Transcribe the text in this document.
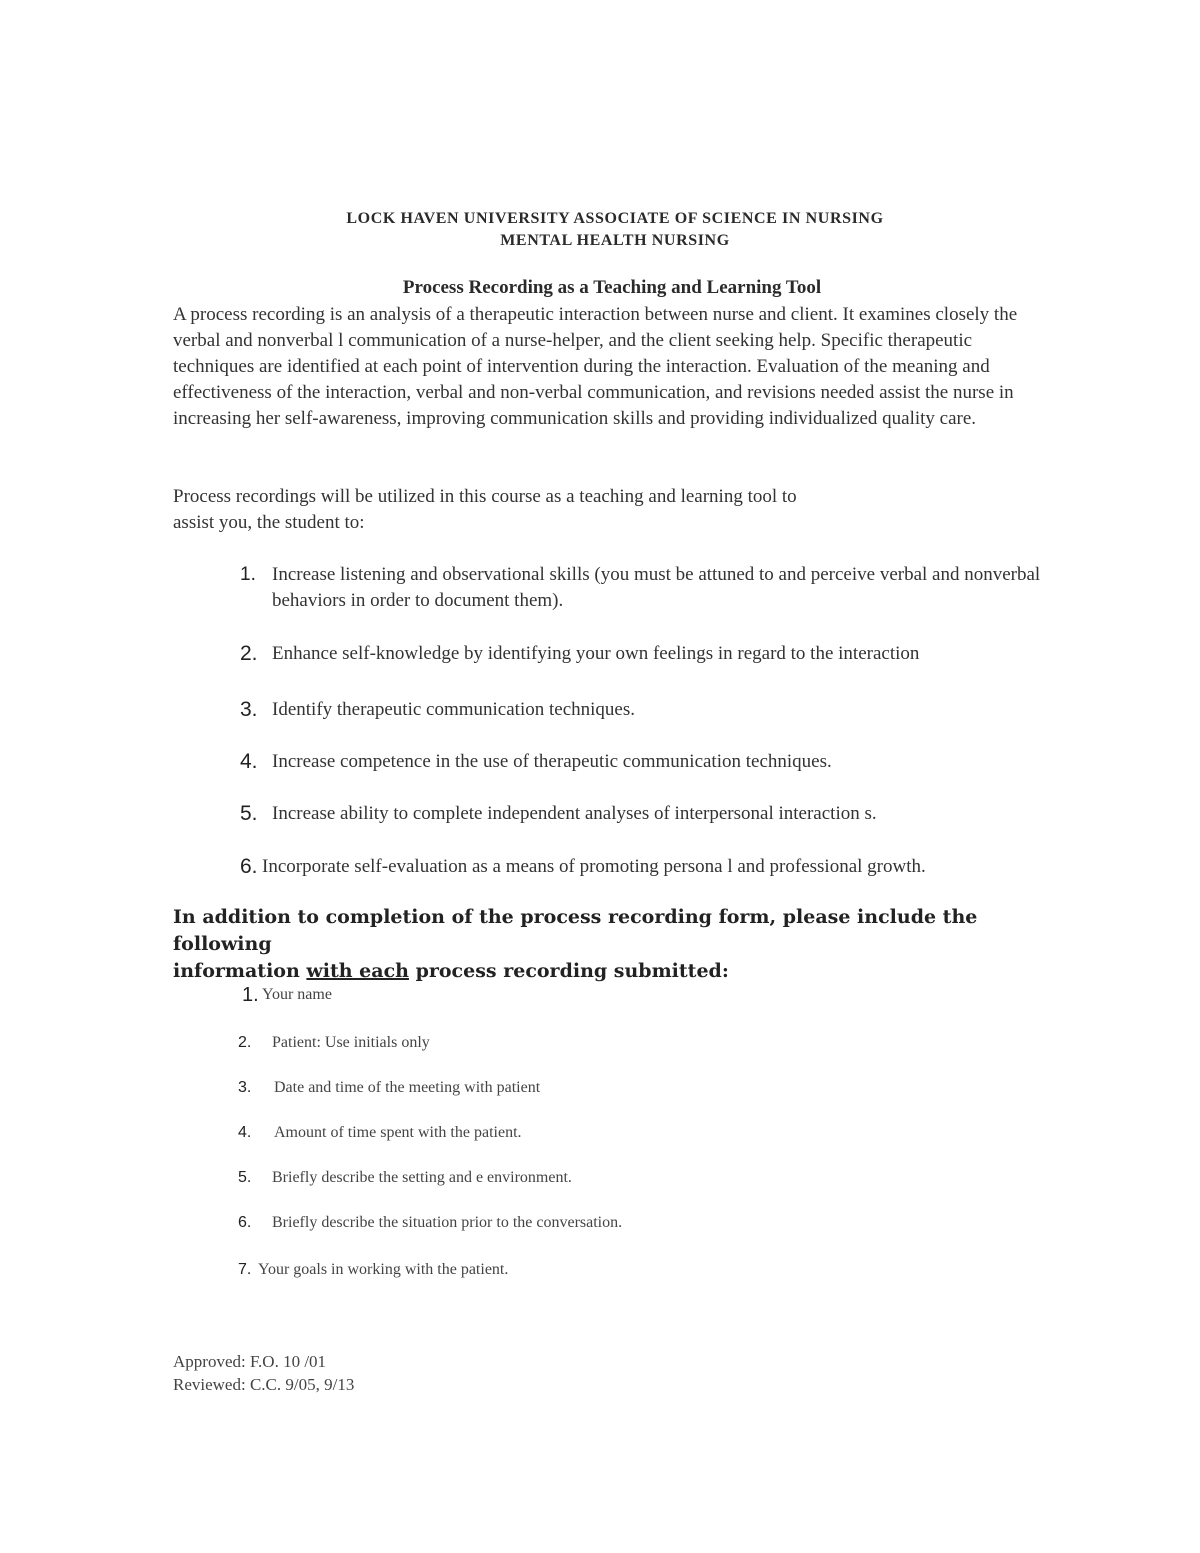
LOCK HAVEN UNIVERSITY ASSOCIATE OF SCIENCE IN NURSING
MENTAL HEALTH NURSING
Process Recording as a Teaching and Learning Tool

A process recording is an analysis of a therapeutic interaction between nurse and client. It examines closely the verbal and nonverbal l communication of a nurse-helper, and the client seeking help. Specific therapeutic techniques are identified at each point of intervention during the interaction. Evaluation of the meaning and effectiveness of the interaction, verbal and non-verbal communication, and revisions needed assist the nurse in increasing her self-awareness, improving communication skills and providing individualized quality care.

Process recordings will be utilized in this course as a teaching and learning tool to

assist you, the student to:

1. Increase listening and observational skills (you must be attuned to and perceive verbal and nonverbal behaviors in order to document them).
2. Enhance self-knowledge by identifying your own feelings in regard to the interaction
3. Identify therapeutic communication techniques.
4. Increase competence in the use of therapeutic communication techniques.
5. Increase ability to complete independent analyses of interpersonal interaction s.
6. Incorporate self-evaluation as a means of promoting persona l and professional growth.

In addition to completion of the process recording form, please include the following

information with each process recording submitted:

1. Your name
2.	Patient: Use initials only
3.	Date and time of the meeting with patient
4.	Amount of time spent with the patient.
5.	Briefly describe the setting and e environment.
6.	Briefly describe the situation prior to the conversation.
7. Your goals in working with the patient.

Approved: F.O. 10 /01

Reviewed: C.C. 9/05, 9/13
